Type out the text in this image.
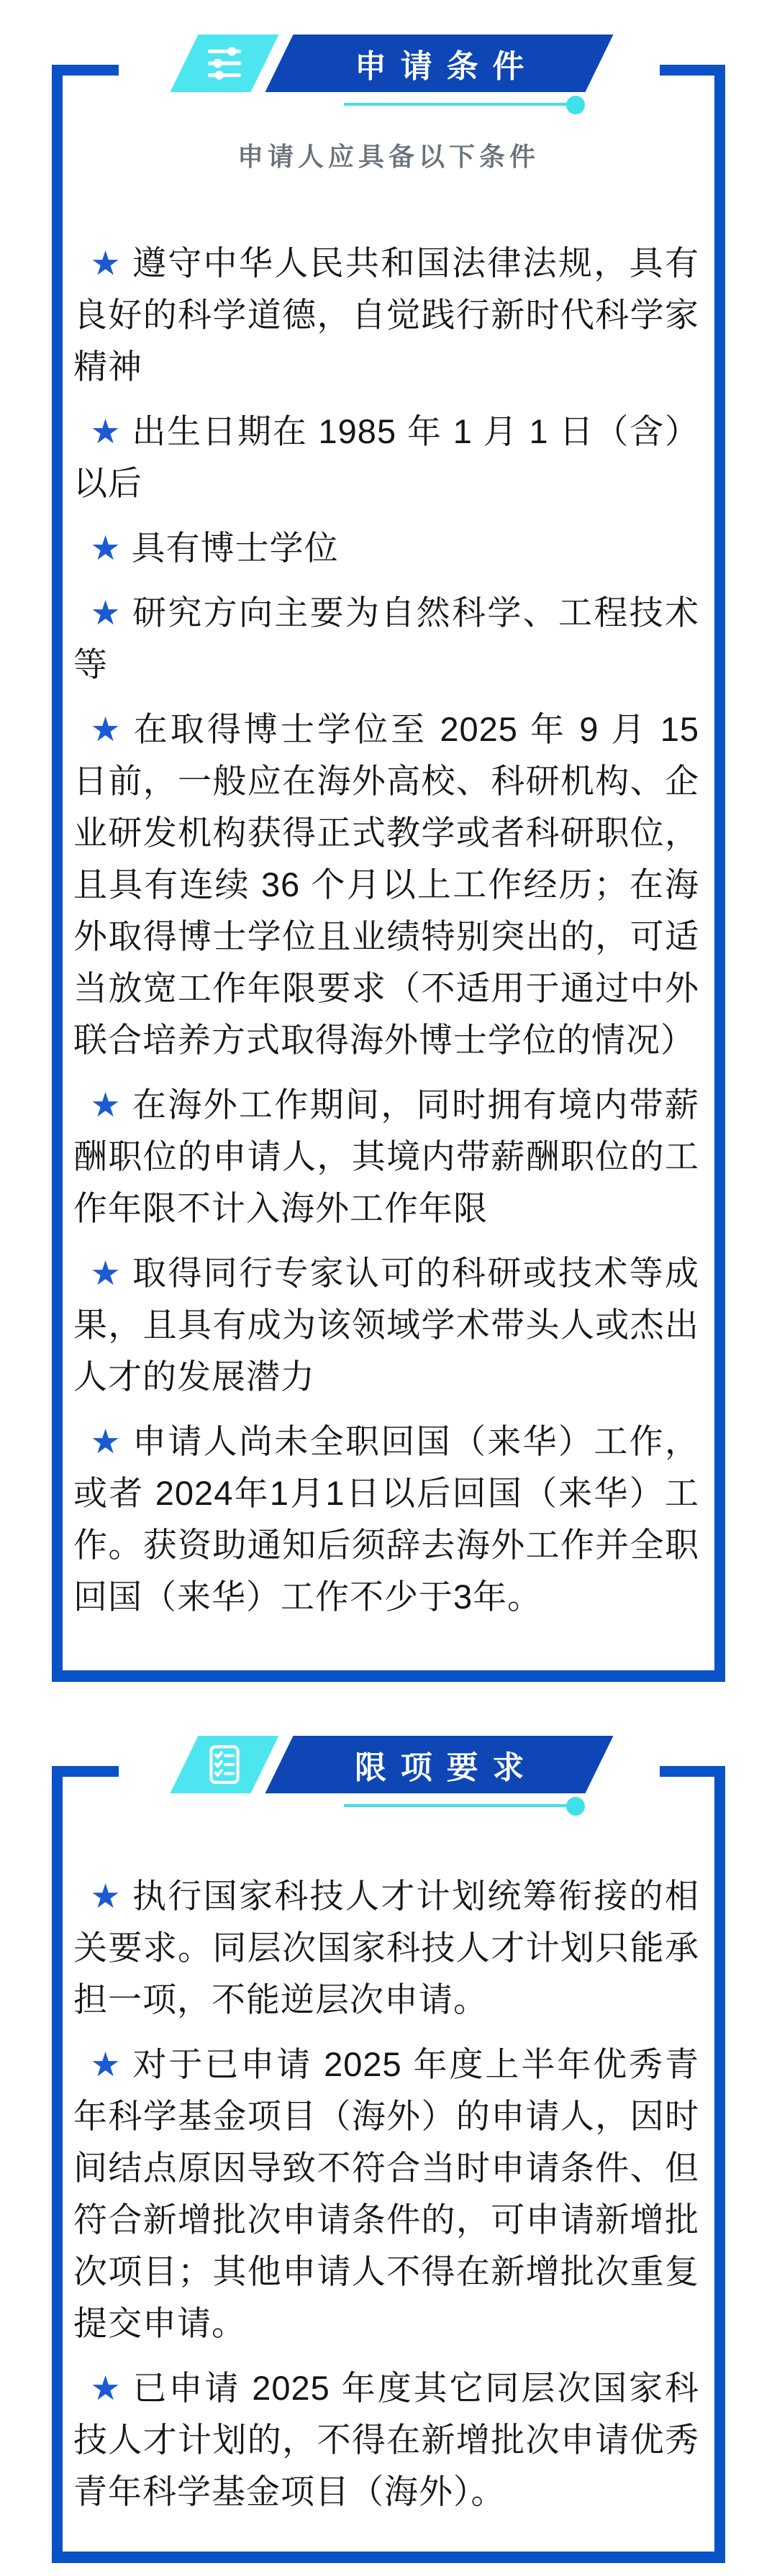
申请条件
申请人应具备以下条件

★ 遵守中华人民共和国法律法规，具有良好的科学道德，自觉践行新时代科学家精神

★ 出生日期在 1985 年 1 月 1 日（含）以后

★ 具有博士学位

★ 研究方向主要为自然科学、工程技术等

★ 在取得博士学位至 2025 年 9 月 15 日前，一般应在海外高校、科研机构、企业研发机构获得正式教学或者科研职位，且具有连续 36 个月以上工作经历；在海外取得博士学位且业绩特别突出的，可适当放宽工作年限要求（不适用于通过中外联合培养方式取得海外博士学位的情况）

★ 在海外工作期间，同时拥有境内带薪酬职位的申请人，其境内带薪酬职位的工作年限不计入海外工作年限

★ 取得同行专家认可的科研或技术等成果，且具有成为该领域学术带头人或杰出人才的发展潜力

★ 申请人尚未全职回国（来华）工作，或者 2024年1月1日以后回国（来华）工作。获资助通知后须辞去海外工作并全职回国（来华）工作不少于3年。

限项要求

★ 执行国家科技人才计划统筹衔接的相关要求。同层次国家科技人才计划只能承担一项，不能逆层次申请。

★ 对于已申请 2025 年度上半年优秀青年科学基金项目（海外）的申请人，因时间结点原因导致不符合当时申请条件、但符合新增批次申请条件的，可申请新增批次项目；其他申请人不得在新增批次重复提交申请。

★ 已申请 2025 年度其它同层次国家科技人才计划的，不得在新增批次申请优秀青年科学基金项目（海外）。
